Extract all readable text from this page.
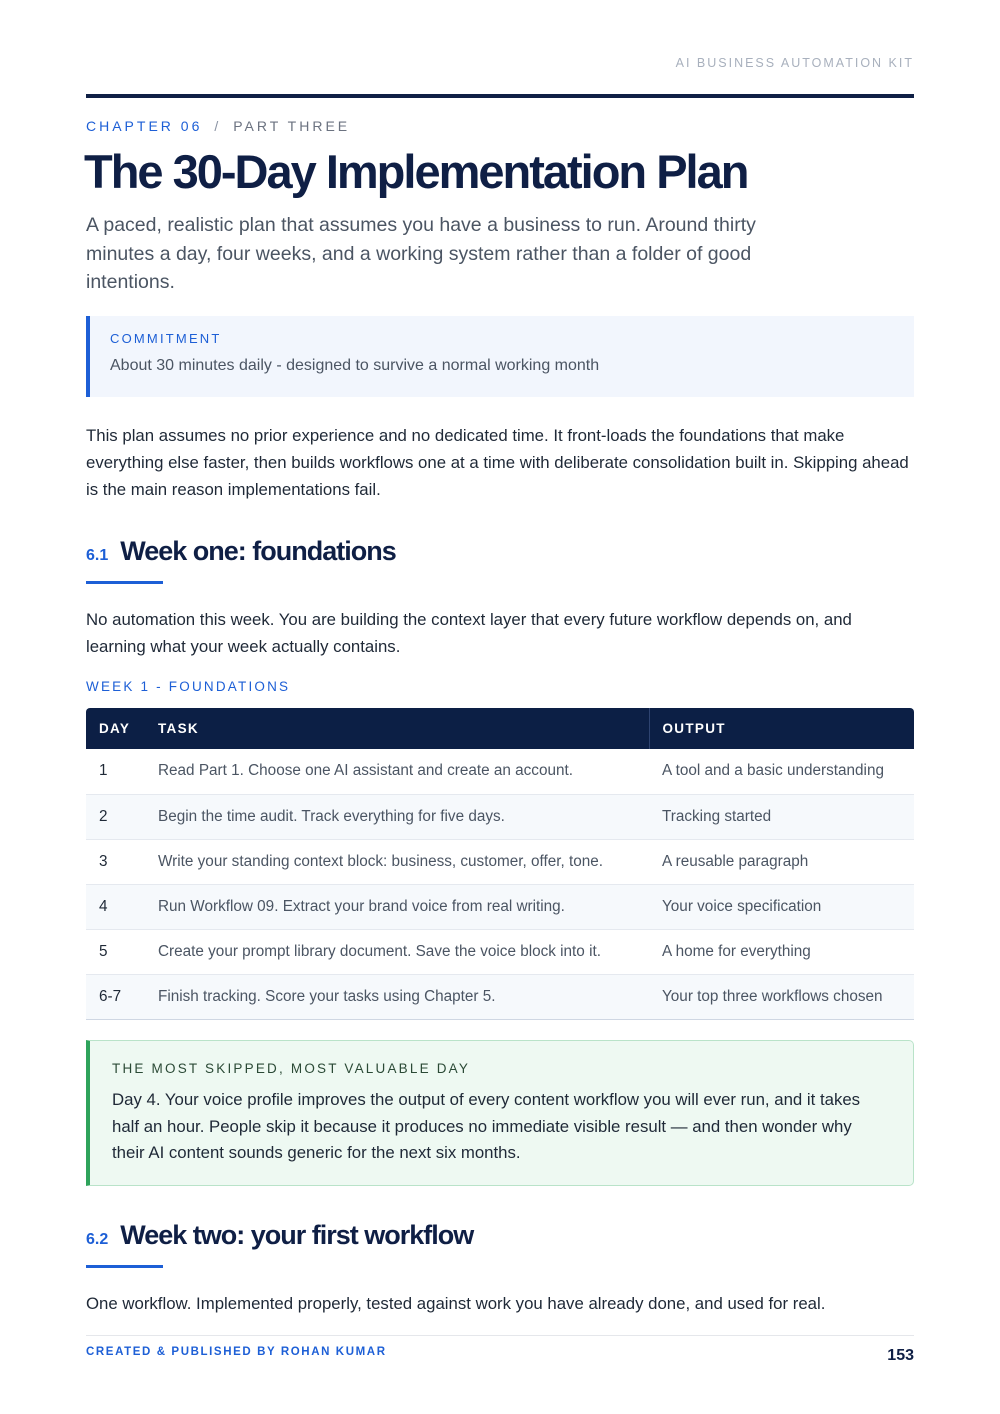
AI BUSINESS AUTOMATION KIT
CHAPTER 06 / PART THREE
The 30-Day Implementation Plan

A paced, realistic plan that assumes you have a business to run. Around thirty minutes a day, four weeks, and a working system rather than a folder of good intentions.

COMMITMENT
About 30 minutes daily - designed to survive a normal working month

This plan assumes no prior experience and no dedicated time. It front-loads the foundations that make everything else faster, then builds workflows one at a time with deliberate consolidation built in. Skipping ahead is the main reason implementations fail.

6.1 Week one: foundations

No automation this week. You are building the context layer that every future workflow depends on, and learning what your week actually contains.

WEEK 1 - FOUNDATIONS
DAY	TASK	OUTPUT
1	Read Part 1. Choose one AI assistant and create an account.	A tool and a basic understanding
2	Begin the time audit. Track everything for five days.	Tracking started
3	Write your standing context block: business, customer, offer, tone.	A reusable paragraph
4	Run Workflow 09. Extract your brand voice from real writing.	Your voice specification
5	Create your prompt library document. Save the voice block into it.	A home for everything
6-7	Finish tracking. Score your tasks using Chapter 5.	Your top three workflows chosen
THE MOST SKIPPED, MOST VALUABLE DAY
Day 4. Your voice profile improves the output of every content workflow you will ever run, and it takes half an hour. People skip it because it produces no immediate visible result — and then wonder why their AI content sounds generic for the next six months.
6.2 Week two: your first workflow

One workflow. Implemented properly, tested against work you have already done, and used for real.

CREATED & PUBLISHED BY ROHAN KUMAR	153
